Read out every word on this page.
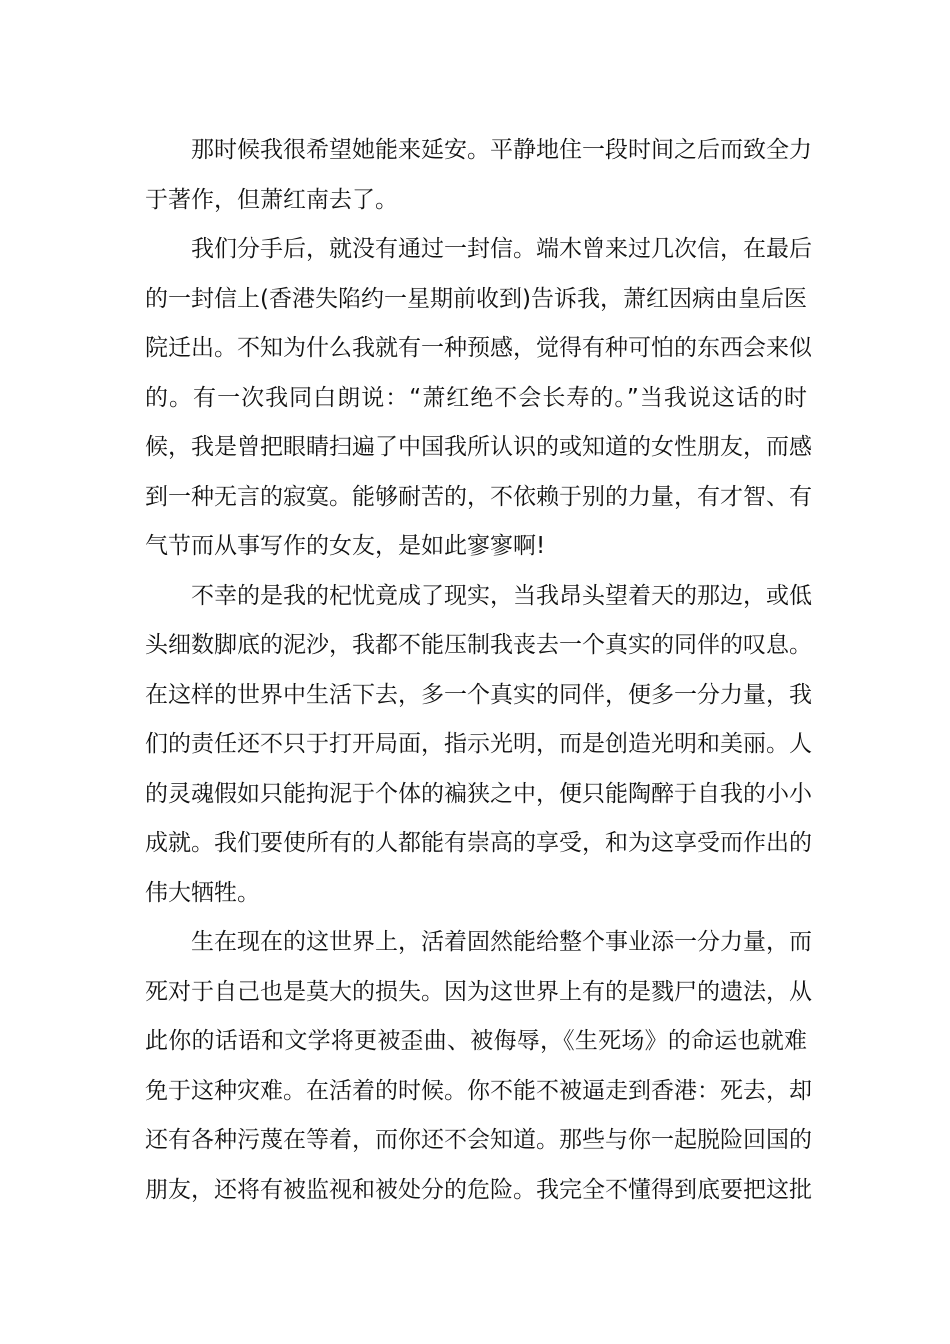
那时候我很希望她能来延安。平静地住一段时间之后而致全力
于著作，但萧红南去了。
我们分手后，就没有通过一封信。端木曾来过几次信，在最后
的一封信上(香港失陷约一星期前收到)告诉我，萧红因病由皇后医
院迁出。不知为什么我就有一种预感，觉得有种可怕的东西会来似
的。有一次我同白朗说：“萧红绝不会长寿的。”当我说这话的时
候，我是曾把眼睛扫遍了中国我所认识的或知道的女性朋友，而感
到一种无言的寂寞。能够耐苦的，不依赖于别的力量，有才智、有
气节而从事写作的女友，是如此寥寥啊!
不幸的是我的杞忧竟成了现实，当我昂头望着天的那边，或低
头细数脚底的泥沙，我都不能压制我丧去一个真实的同伴的叹息。
在这样的世界中生活下去，多一个真实的同伴，便多一分力量，我
们的责任还不只于打开局面，指示光明，而是创造光明和美丽。人
的灵魂假如只能拘泥于个体的褊狭之中，便只能陶醉于自我的小小
成就。我们要使所有的人都能有崇高的享受，和为这享受而作出的
伟大牺牲。
生在现在的这世界上，活着固然能给整个事业添一分力量，而
死对于自己也是莫大的损失。因为这世界上有的是戮尸的遗法，从
此你的话语和文学将更被歪曲、被侮辱，《生死场》的命运也就难
免于这种灾难。在活着的时候。你不能不被逼走到香港：死去，却
还有各种污蔑在等着，而你还不会知道。那些与你一起脱险回国的
朋友，还将有被监视和被处分的危险。我完全不懂得到底要把这批
